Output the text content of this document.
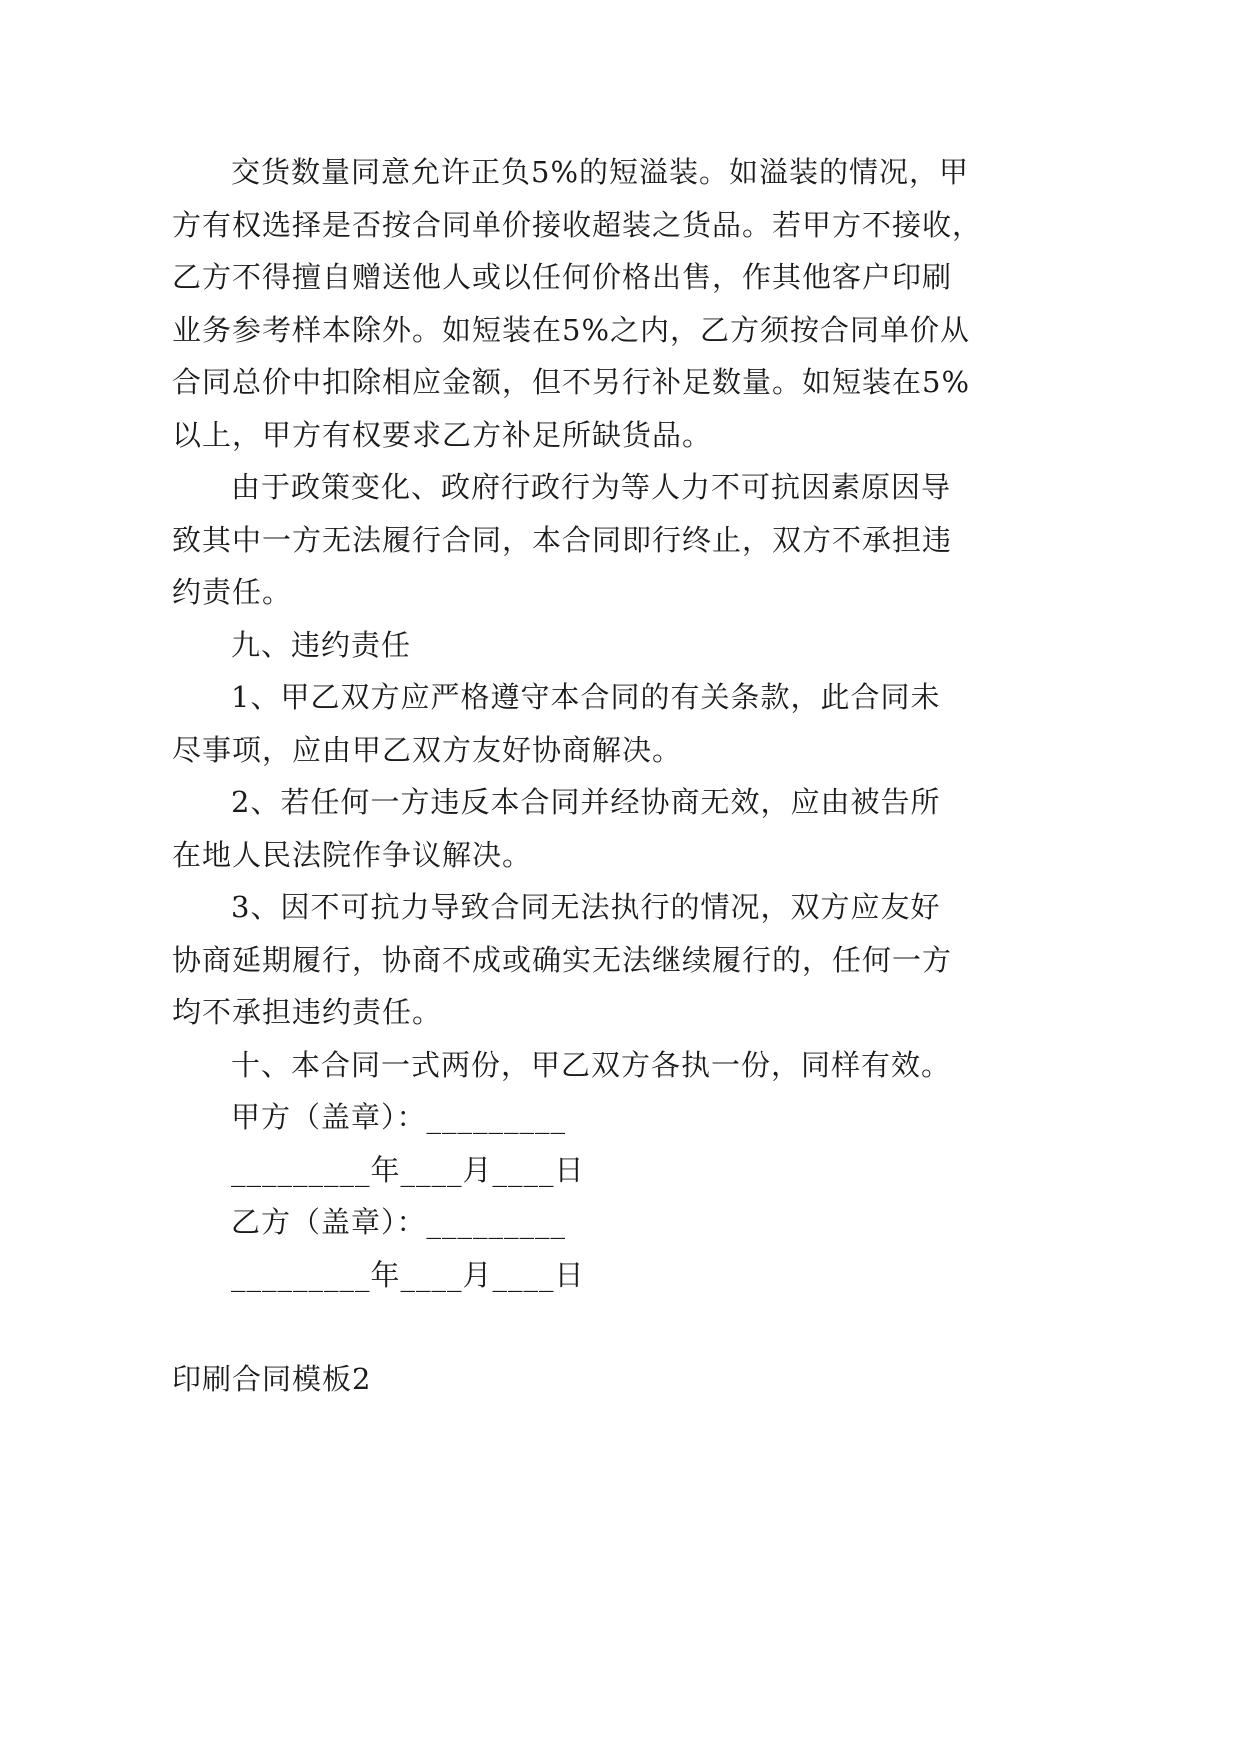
交货数量同意允许正负5%的短溢装。如溢装的情况，甲
方有权选择是否按合同单价接收超装之货品。若甲方不接收，
乙方不得擅自赠送他人或以任何价格出售，作其他客户印刷
业务参考样本除外。如短装在5%之内，乙方须按合同单价从
合同总价中扣除相应金额，但不另行补足数量。如短装在5%
以上，甲方有权要求乙方补足所缺货品。
由于政策变化、政府行政行为等人力不可抗因素原因导
致其中一方无法履行合同，本合同即行终止，双方不承担违
约责任。
九、违约责任
1、甲乙双方应严格遵守本合同的有关条款，此合同未
尽事项，应由甲乙双方友好协商解决。
2、若任何一方违反本合同并经协商无效，应由被告所
在地人民法院作争议解决。
3、因不可抗力导致合同无法执行的情况，双方应友好
协商延期履行，协商不成或确实无法继续履行的，任何一方
均不承担违约责任。
十、本合同一式两份，甲乙双方各执一份，同样有效。
甲方（盖章）：_________
_________年____月____日
乙方（盖章）：_________
_________年____月____日
印刷合同模板2
